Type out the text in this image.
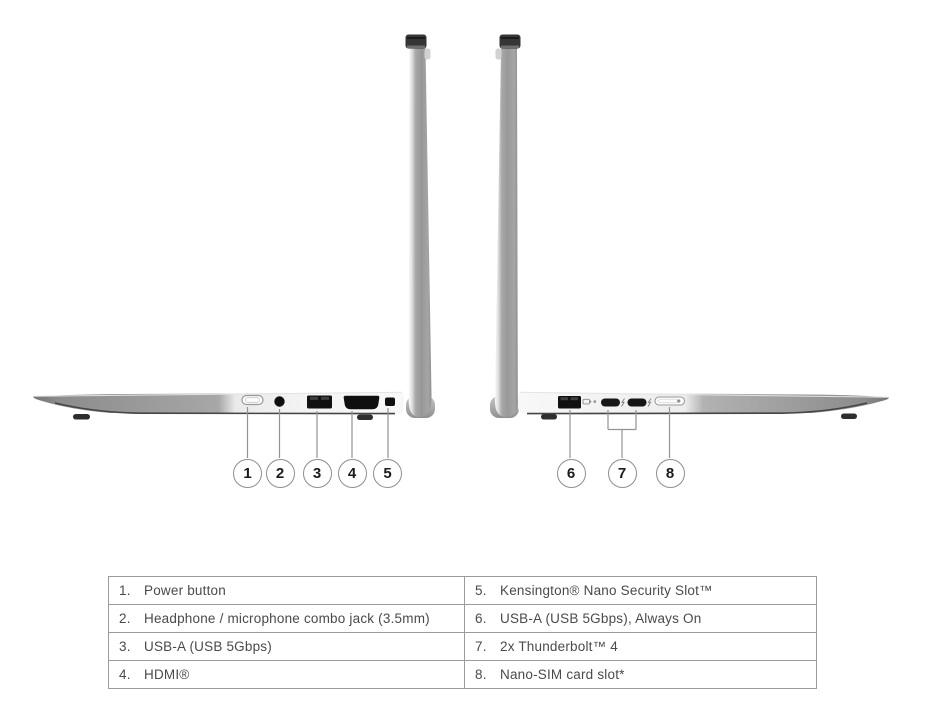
1 2 3 4 5	6	7	8
1. Power button	5. Kensington® Nano Security Slot™
2. Headphone / microphone combo jack (3.5mm)	6. USB-A (USB 5Gbps), Always On
3. USB-A (USB 5Gbps)	7. 2x Thunderbolt™ 4
4. HDMI®	8. Nano-SIM card slot*
